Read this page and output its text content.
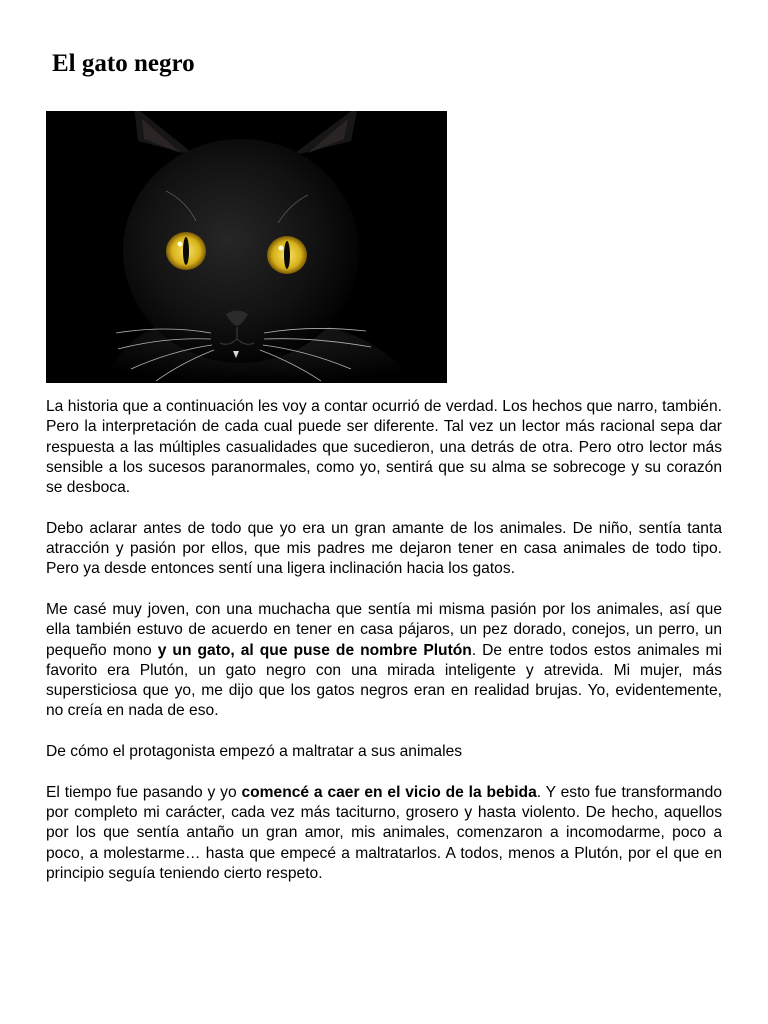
El gato negro

La historia que a continuación les voy a contar ocurrió de verdad. Los hechos que narro, también. Pero la interpretación de cada cual puede ser diferente. Tal vez un lector más racional sepa dar respuesta a las múltiples casualidades que sucedieron, una detrás de otra. Pero otro lector más sensible a los sucesos paranormales, como yo, sentirá que su alma se sobrecoge y su corazón se desboca.

Debo aclarar antes de todo que yo era un gran amante de los animales. De niño, sentía tanta atracción y pasión por ellos, que mis padres me dejaron tener en casa animales de todo tipo. Pero ya desde entonces sentí una ligera inclinación hacia los gatos.

Me casé muy joven, con una muchacha que sentía mi misma pasión por los animales, así que ella también estuvo de acuerdo en tener en casa pájaros, un pez dorado, conejos, un perro, un pequeño mono y un gato, al que puse de nombre Plutón. De entre todos estos animales mi favorito era Plutón, un gato negro con una mirada inteligente y atrevida. Mi mujer, más supersticiosa que yo, me dijo que los gatos negros eran en realidad brujas. Yo, evidentemente, no creía en nada de eso.

De cómo el protagonista empezó a maltratar a sus animales

El tiempo fue pasando y yo comencé a caer en el vicio de la bebida. Y esto fue transformando por completo mi carácter, cada vez más taciturno, grosero y hasta violento. De hecho, aquellos por los que sentía antaño un gran amor, mis animales, comenzaron a incomodarme, poco a poco, a molestarme… hasta que empecé a maltratarlos. A todos, menos a Plutón, por el que en principio seguía teniendo cierto respeto.
